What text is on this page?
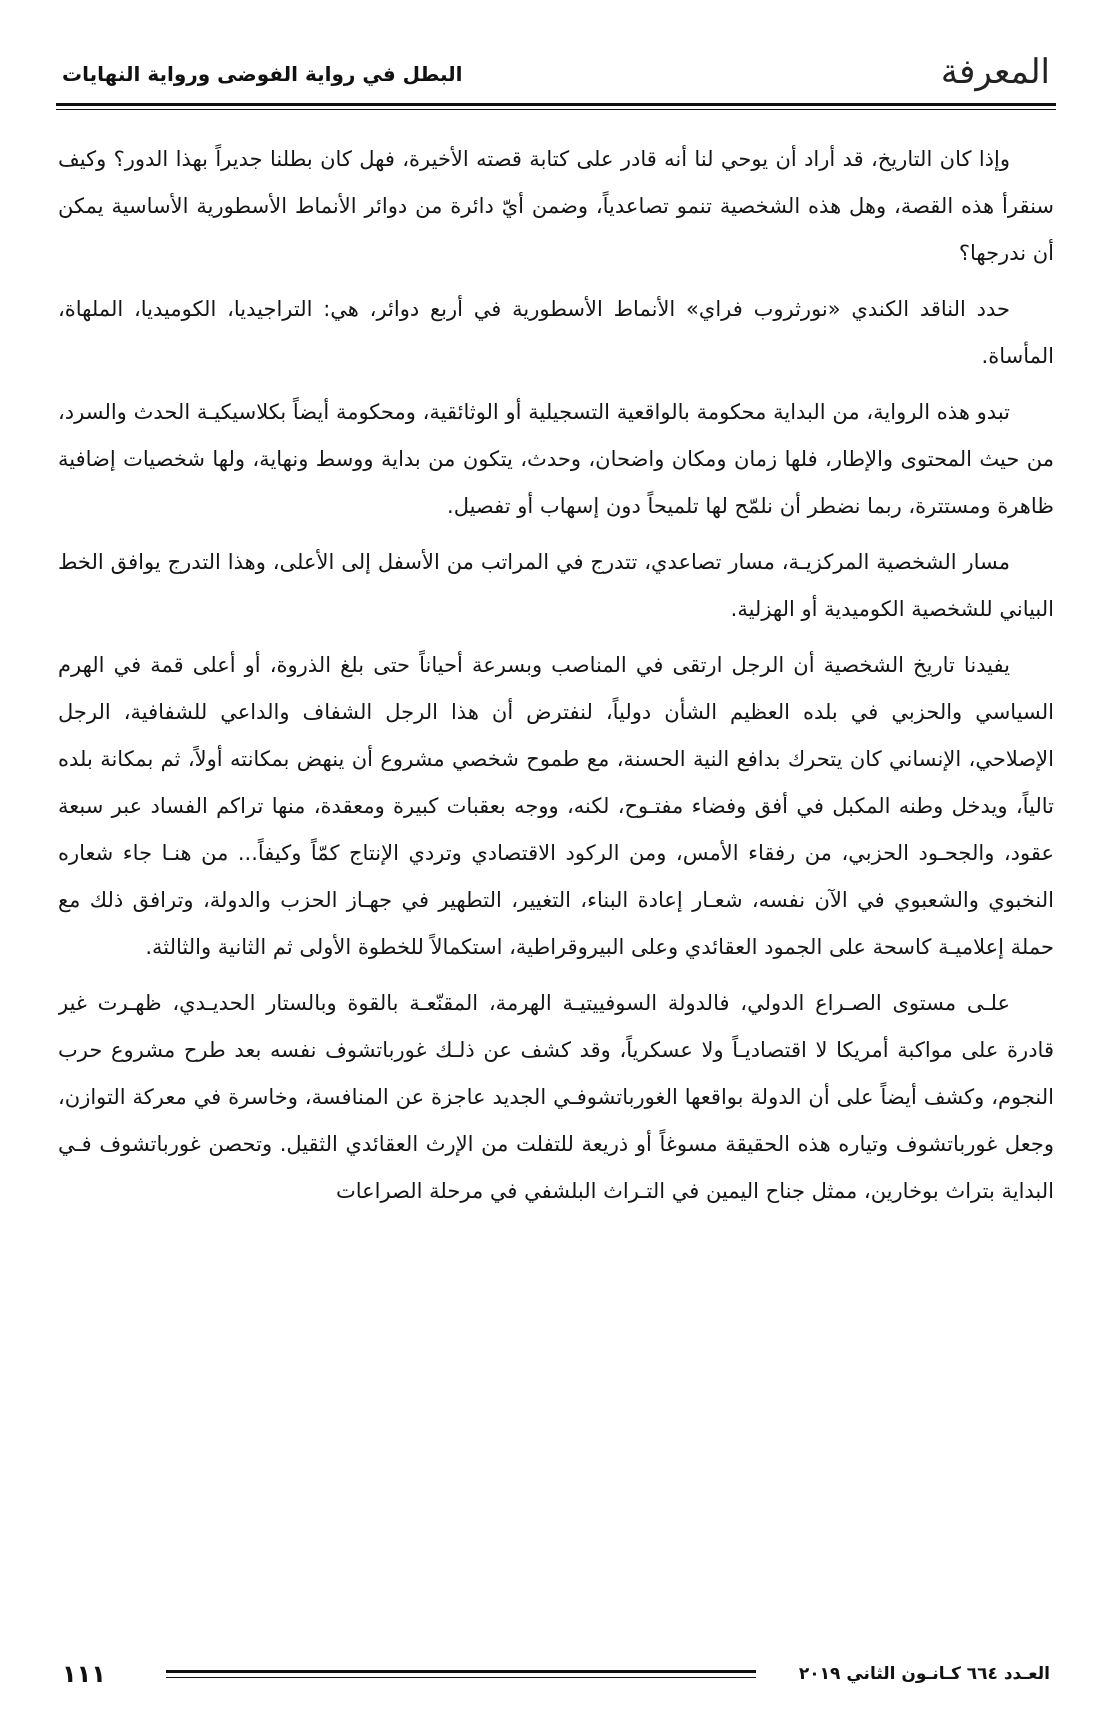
المعرفة
البطل في رواية الفوضى ورواية النهايات

وإذا كان التاريخ، قد أراد أن يوحي لنا أنه قادر على كتابة قصته الأخيرة، فهل كان بطلنا جديراً بهذا الدور؟ وكيف سنقرأ هذه القصة، وهل هذه الشخصية تنمو تصاعدياً، وضمن أيّ دائرة من دوائر الأنماط الأسطورية الأساسية يمكن أن ندرجها؟

حدد الناقد الكندي «نورثروب فراي» الأنماط الأسطورية في أربع دوائر، هي: التراجيديا، الكوميديا، الملهاة، المأساة.

تبدو هذه الرواية، من البداية محكومة بالواقعية التسجيلية أو الوثائقية، ومحكومة أيضاً بكلاسيكيـة الحدث والسرد، من حيث المحتوى والإطار، فلها زمان ومكان واضحان، وحدث، يتكون من بداية ووسط ونهاية، ولها شخصيات إضافية ظاهرة ومستترة، ربما نضطر أن نلمّح لها تلميحاً دون إسهاب أو تفصيل.

مسار الشخصية المركزيـة، مسار تصاعدي، تتدرج في المراتب من الأسفل إلى الأعلى، وهذا التدرج يوافق الخط البياني للشخصية الكوميدية أو الهزلية.

يفيدنا تاريخ الشخصية أن الرجل ارتقى في المناصب وبسرعة أحياناً حتى بلغ الذروة، أو أعلى قمة في الهرم السياسي والحزبي في بلده العظيم الشأن دولياً، لنفترض أن هذا الرجل الشفاف والداعي للشفافية، الرجل الإصلاحي، الإنساني كان يتحرك بدافع النية الحسنة، مع طموح شخصي مشروع أن ينهض بمكانته أولاً، ثم بمكانة بلده تالياً، ويدخل وطنه المكبل في أفق وفضاء مفتـوح، لكنه، ووجه بعقبات كبيرة ومعقدة، منها تراكم الفساد عبر سبعة عقود، والجحـود الحزبي، من رفقاء الأمس، ومن الركود الاقتصادي وتردي الإنتاج كمّاً وكيفاً... من هنـا جاء شعاره النخبوي والشعبوي في الآن نفسه، شعـار إعادة البناء، التغيير، التطهير في جهـاز الحزب والدولة، وترافق ذلك مع حملة إعلاميـة كاسحة على الجمود العقائدي وعلى البيروقراطية، استكمالاً للخطوة الأولى ثم الثانية والثالثة.

علـى مستوى الصـراع الدولي، فالدولة السوفييتيـة الهرمة، المقنّعـة بالقوة وبالستار الحديـدي، ظهـرت غير قادرة على مواكبة أمريكا لا اقتصاديـاً ولا عسكرياً، وقد كشف عن ذلـك غورباتشوف نفسه بعد طرح مشروع حرب النجوم، وكشف أيضاً على أن الدولة بواقعها الغورباتشوفـي الجديد عاجزة عن المنافسة، وخاسرة في معركة التوازن، وجعل غورباتشوف وتياره هذه الحقيقة مسوغاً أو ذريعة للتفلت من الإرث العقائدي الثقيل. وتحصن غورباتشوف فـي البداية بتراث بوخارين، ممثل جناح اليمين في التـراث البلشفي في مرحلة الصراعات

١١١	العـدد ٦٦٤ كـانـون الثاني ٢٠١٩
